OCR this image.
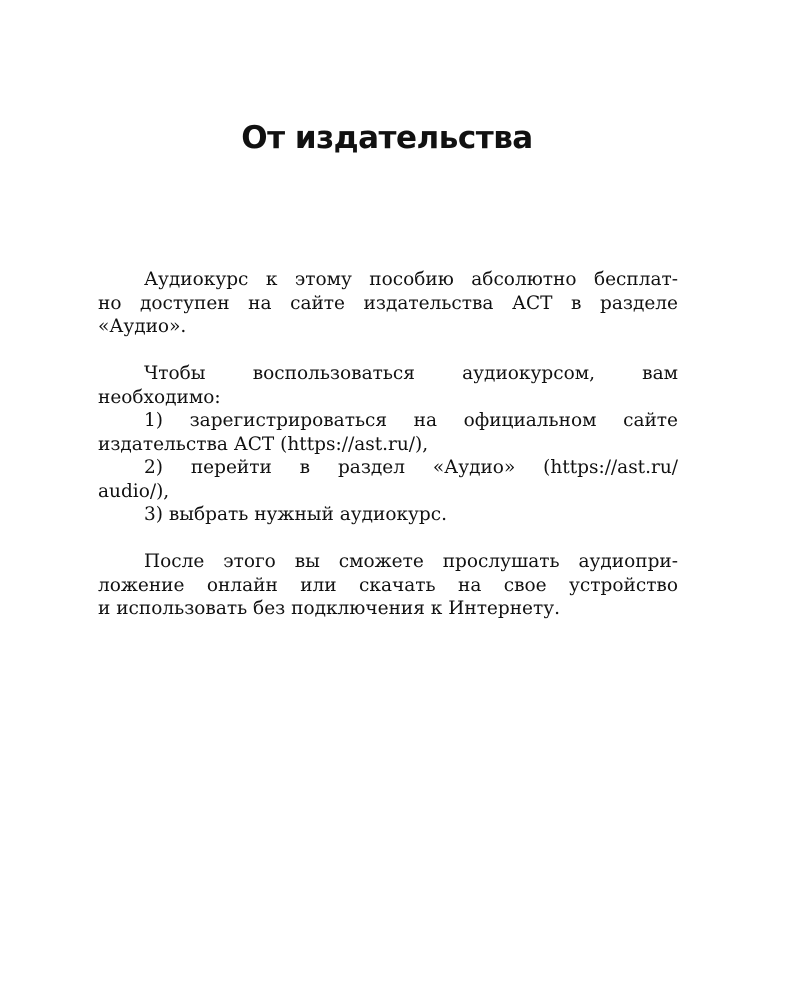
От издательства
Аудиокурс к этому пособию абсолютно бесплат-
но доступен на сайте издательства АСТ в разделе
«Аудио».
Чтобы воспользоваться аудиокурсом, вам
необходимо:
1) зарегистрироваться на официальном сайте
издательства АСТ (https://ast.ru/),
2) перейти в раздел «Аудио» (https://ast.ru/
audio/),
3) выбрать нужный аудиокурс.
После этого вы сможете прослушать аудиопри-
ложение онлайн или скачать на свое устройство
и использовать без подключения к Интернету.
